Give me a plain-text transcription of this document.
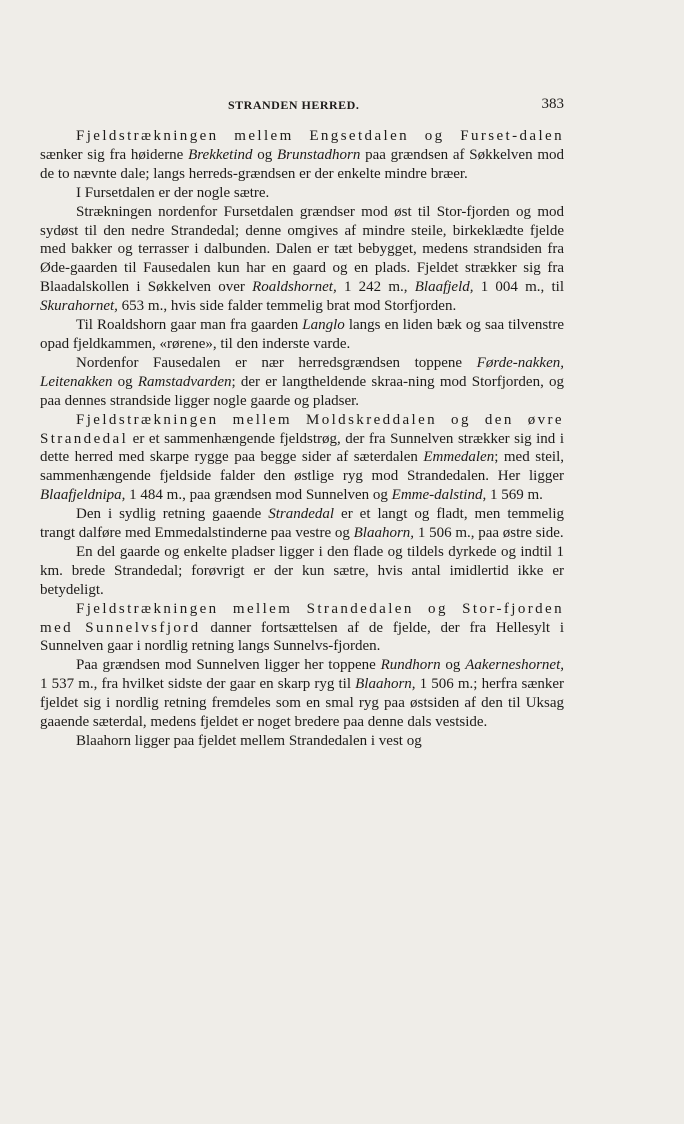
STRANDEN HERRED.	383

Fjeldstrækningen mellem Engsetdalen og Furset-dalen sænker sig fra høiderne Brekketind og Brunstadhorn paa grændsen af Søkkelven mod de to nævnte dale; langs herreds-grændsen er der enkelte mindre bræer.

I Fursetdalen er der nogle sætre.

Strækningen nordenfor Fursetdalen grændser mod øst til Stor-fjorden og mod sydøst til den nedre Strandedal; denne omgives af mindre steile, birkeklædte fjelde med bakker og terrasser i dalbunden. Dalen er tæt bebygget, medens strandsiden fra Øde-gaarden til Fausedalen kun har en gaard og en plads. Fjeldet strækker sig fra Blaadalskollen i Søkkelven over Roaldshornet, 1 242 m., Blaafjeld, 1 004 m., til Skurahornet, 653 m., hvis side falder temmelig brat mod Storfjorden.

Til Roaldshorn gaar man fra gaarden Langlo langs en liden bæk og saa tilvenstre opad fjeldkammen, «rørene», til den inderste varde.

Nordenfor Fausedalen er nær herredsgrændsen toppene Førde-nakken, Leitenakken og Ramstadvarden; der er langtheldende skraa-ning mod Storfjorden, og paa dennes strandside ligger nogle gaarde og pladser.

Fjeldstrækningen mellem Moldskreddalen og den øvre Strandedal er et sammenhængende fjeldstrøg, der fra Sunnelven strækker sig ind i dette herred med skarpe rygge paa begge sider af sæterdalen Emmedalen; med steil, sammenhængende fjeldside falder den østlige ryg mod Strandedalen. Her ligger Blaafjeldnipa, 1 484 m., paa grændsen mod Sunnelven og Emme-dalstind, 1 569 m.

Den i sydlig retning gaaende Strandedal er et langt og fladt, men temmelig trangt dalføre med Emmedalstinderne paa vestre og Blaahorn, 1 506 m., paa østre side.

En del gaarde og enkelte pladser ligger i den flade og tildels dyrkede og indtil 1 km. brede Strandedal; forøvrigt er der kun sætre, hvis antal imidlertid ikke er betydeligt.

Fjeldstrækningen mellem Strandedalen og Stor-fjorden med Sunnelvsfjord danner fortsættelsen af de fjelde, der fra Hellesylt i Sunnelven gaar i nordlig retning langs Sunnelvs-fjorden.

Paa grændsen mod Sunnelven ligger her toppene Rundhorn og Aakerneshornet, 1 537 m., fra hvilket sidste der gaar en skarp ryg til Blaahorn, 1 506 m.; herfra sænker fjeldet sig i nordlig retning fremdeles som en smal ryg paa østsiden af den til Uksag gaaende sæterdal, medens fjeldet er noget bredere paa denne dals vestside.

Blaahorn ligger paa fjeldet mellem Strandedalen i vest og
